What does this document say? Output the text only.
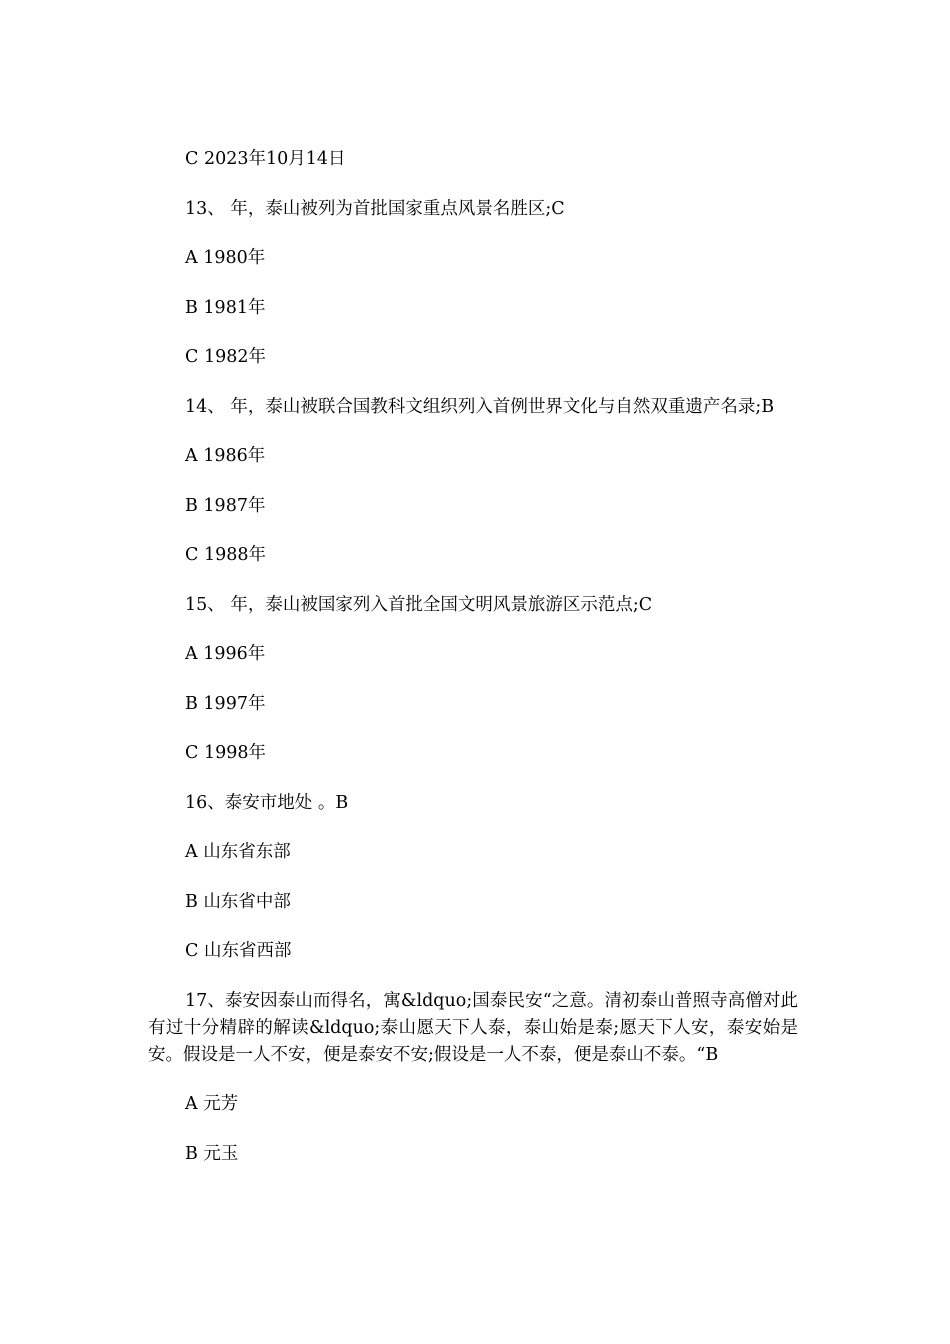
C 2023年10月14日

13、 年，泰山被列为首批国家重点风景名胜区;C

A 1980年

B 1981年

C 1982年

14、 年，泰山被联合国教科文组织列入首例世界文化与自然双重遗产名录;B

A 1986年

B 1987年

C 1988年

15、 年，泰山被国家列入首批全国文明风景旅游区示范点;C

A 1996年

B 1997年

C 1998年

16、泰安市地处 。B

A 山东省东部

B 山东省中部

C 山东省西部

17、泰安因泰山而得名，寓&ldquo;国泰民安“之意。清初泰山普照寺高僧对此有过十分精辟的解读&ldquo;泰山愿天下人泰，泰山始是泰;愿天下人安，泰安始是安。假设是一人不安，便是泰安不安;假设是一人不泰，便是泰山不泰。“B

A 元芳

B 元玉
